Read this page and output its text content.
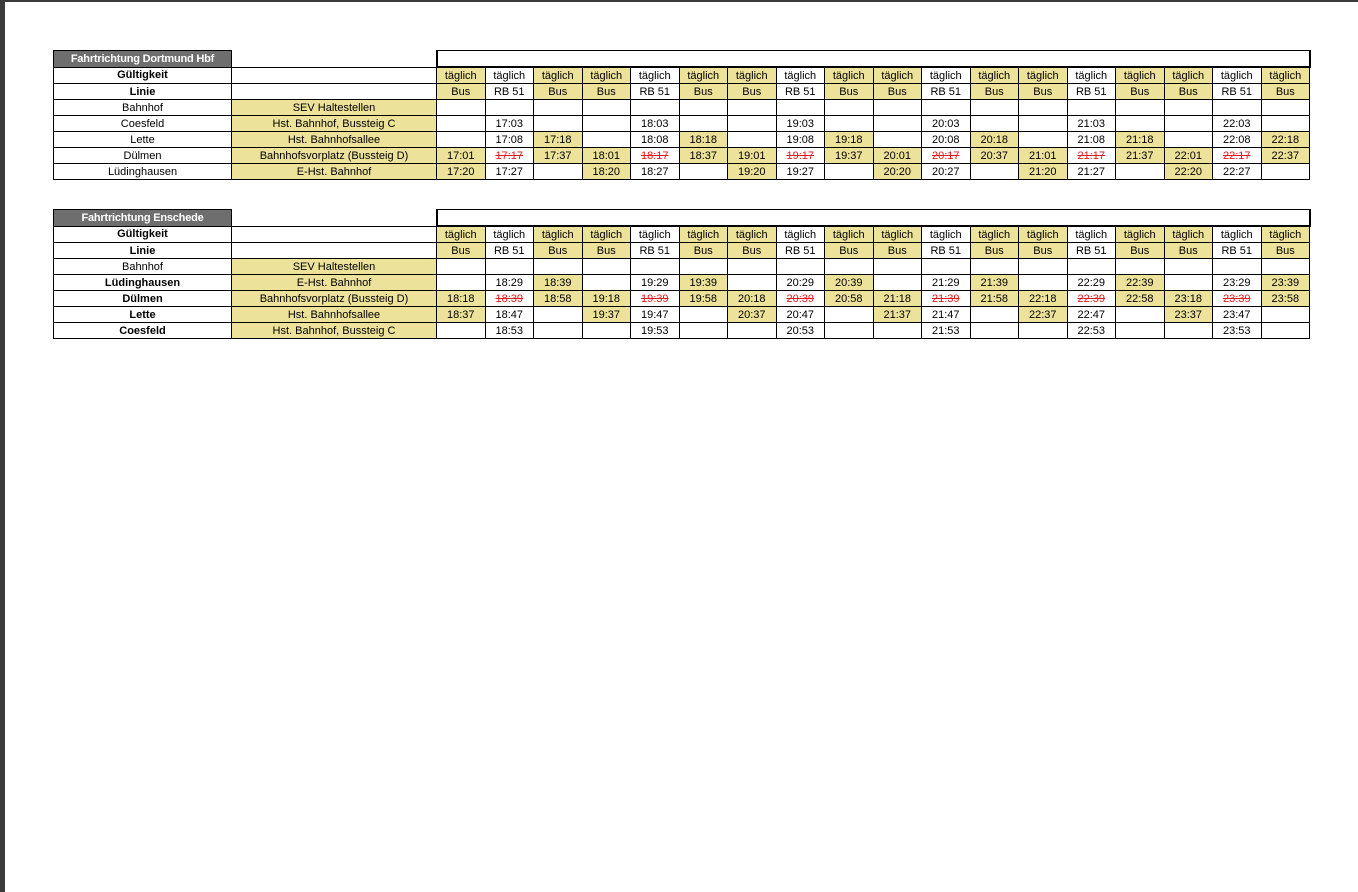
Fahrtrichtung Dortmund Hbf																			
Gültigkeit		täglich	täglich	täglich	täglich	täglich	täglich	täglich	täglich	täglich	täglich	täglich	täglich	täglich	täglich	täglich	täglich	täglich	täglich
Linie		Bus	RB 51	Bus	Bus	RB 51	Bus	Bus	RB 51	Bus	Bus	RB 51	Bus	Bus	RB 51	Bus	Bus	RB 51	Bus
Bahnhof	SEV Haltestellen																		
Coesfeld	Hst. Bahnhof, Bussteig C		17:03			18:03			19:03			20:03			21:03			22:03	
Lette	Hst. Bahnhofsallee		17:08	17:18		18:08	18:18		19:08	19:18		20:08	20:18		21:08	21:18		22:08	22:18
Dülmen	Bahnhofsvorplatz (Bussteig D)	17:01	17:17	17:37	18:01	18:17	18:37	19:01	19:17	19:37	20:01	20:17	20:37	21:01	21:17	21:37	22:01	22:17	22:37
Lüdinghausen	E-Hst. Bahnhof	17:20	17:27		18:20	18:27		19:20	19:27		20:20	20:27		21:20	21:27		22:20	22:27	
Fahrtrichtung Enschede																			
Gültigkeit		täglich	täglich	täglich	täglich	täglich	täglich	täglich	täglich	täglich	täglich	täglich	täglich	täglich	täglich	täglich	täglich	täglich	täglich
Linie		Bus	RB 51	Bus	Bus	RB 51	Bus	Bus	RB 51	Bus	Bus	RB 51	Bus	Bus	RB 51	Bus	Bus	RB 51	Bus
Bahnhof	SEV Haltestellen																		
Lüdinghausen	E-Hst. Bahnhof		18:29	18:39		19:29	19:39		20:29	20:39		21:29	21:39		22:29	22:39		23:29	23:39
Dülmen	Bahnhofsvorplatz (Bussteig D)	18:18	18:39	18:58	19:18	19:39	19:58	20:18	20:39	20:58	21:18	21:39	21:58	22:18	22:39	22:58	23:18	23:39	23:58
Lette	Hst. Bahnhofsallee	18:37	18:47		19:37	19:47		20:37	20:47		21:37	21:47		22:37	22:47		23:37	23:47	
Coesfeld	Hst. Bahnhof, Bussteig C		18:53			19:53			20:53			21:53			22:53			23:53	
